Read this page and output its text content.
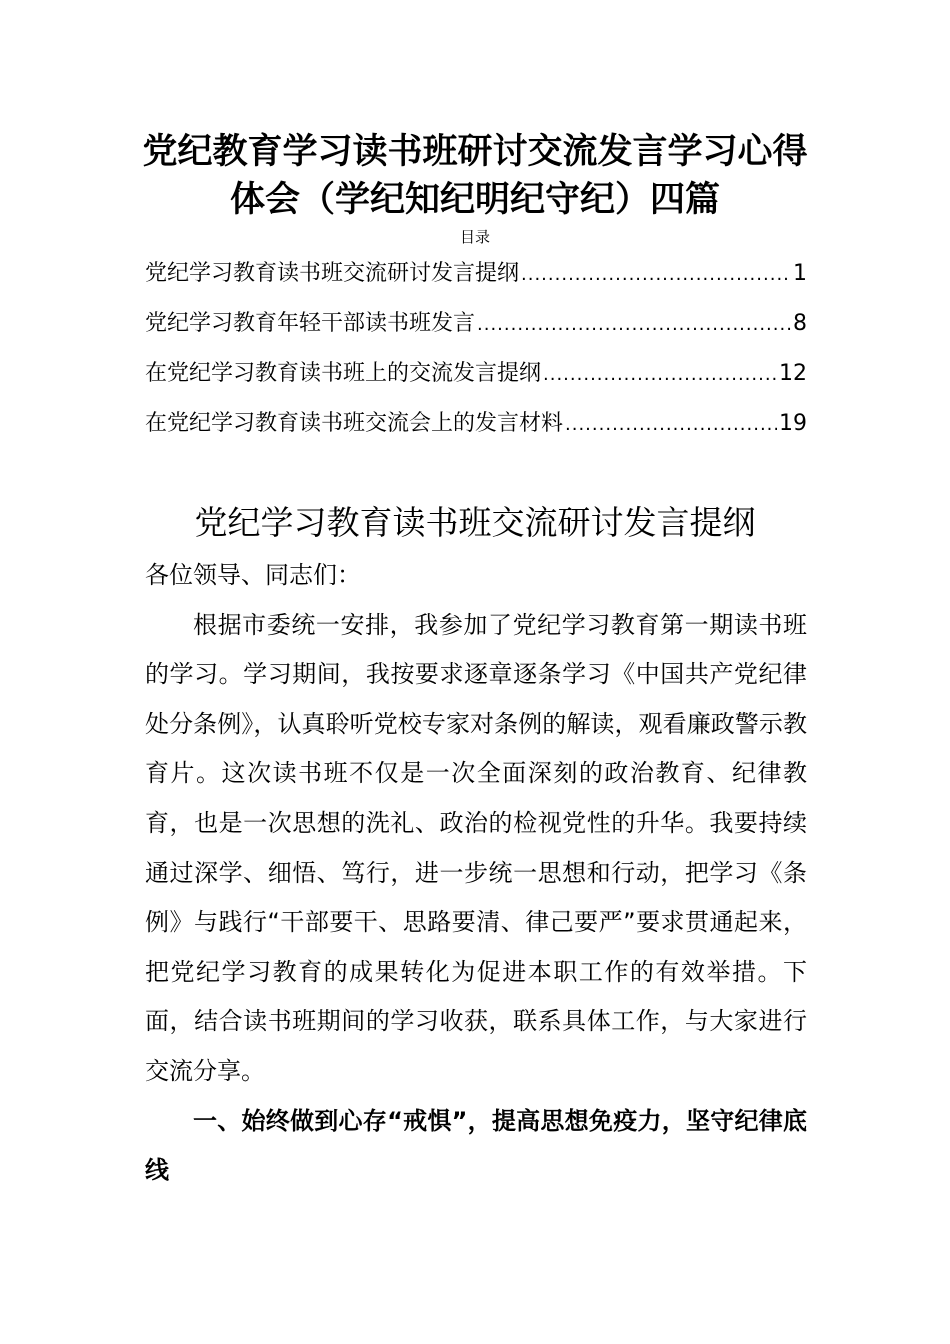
党纪教育学习读书班研讨交流发言学习心得体会（学纪知纪明纪守纪）四篇
目录
党纪学习教育读书班交流研讨发言提纲 .....	1
党纪学习教育年轻干部读书班发言 .....	8
在党纪学习教育读书班上的交流发言提纲 .....	12
在党纪学习教育读书班交流会上的发言材料 .....	19
党纪学习教育读书班交流研讨发言提纲

各位领导、同志们：

根据市委统一安排，我参加了党纪学习教育第一期读书班的学习。学习期间，我按要求逐章逐条学习《中国共产党纪律处分条例》，认真聆听党校专家对条例的解读，观看廉政警示教育片。这次读书班不仅是一次全面深刻的政治教育、纪律教育，也是一次思想的洗礼、政治的检视党性的升华。我要持续通过深学、细悟、笃行，进一步统一思想和行动，把学习《条例》与践行“干部要干、思路要清、律己要严”要求贯通起来，把党纪学习教育的成果转化为促进本职工作的有效举措。下面，结合读书班期间的学习收获，联系具体工作，与大家进行交流分享。

一、始终做到心存“戒惧”，提高思想免疫力，坚守纪律底线
